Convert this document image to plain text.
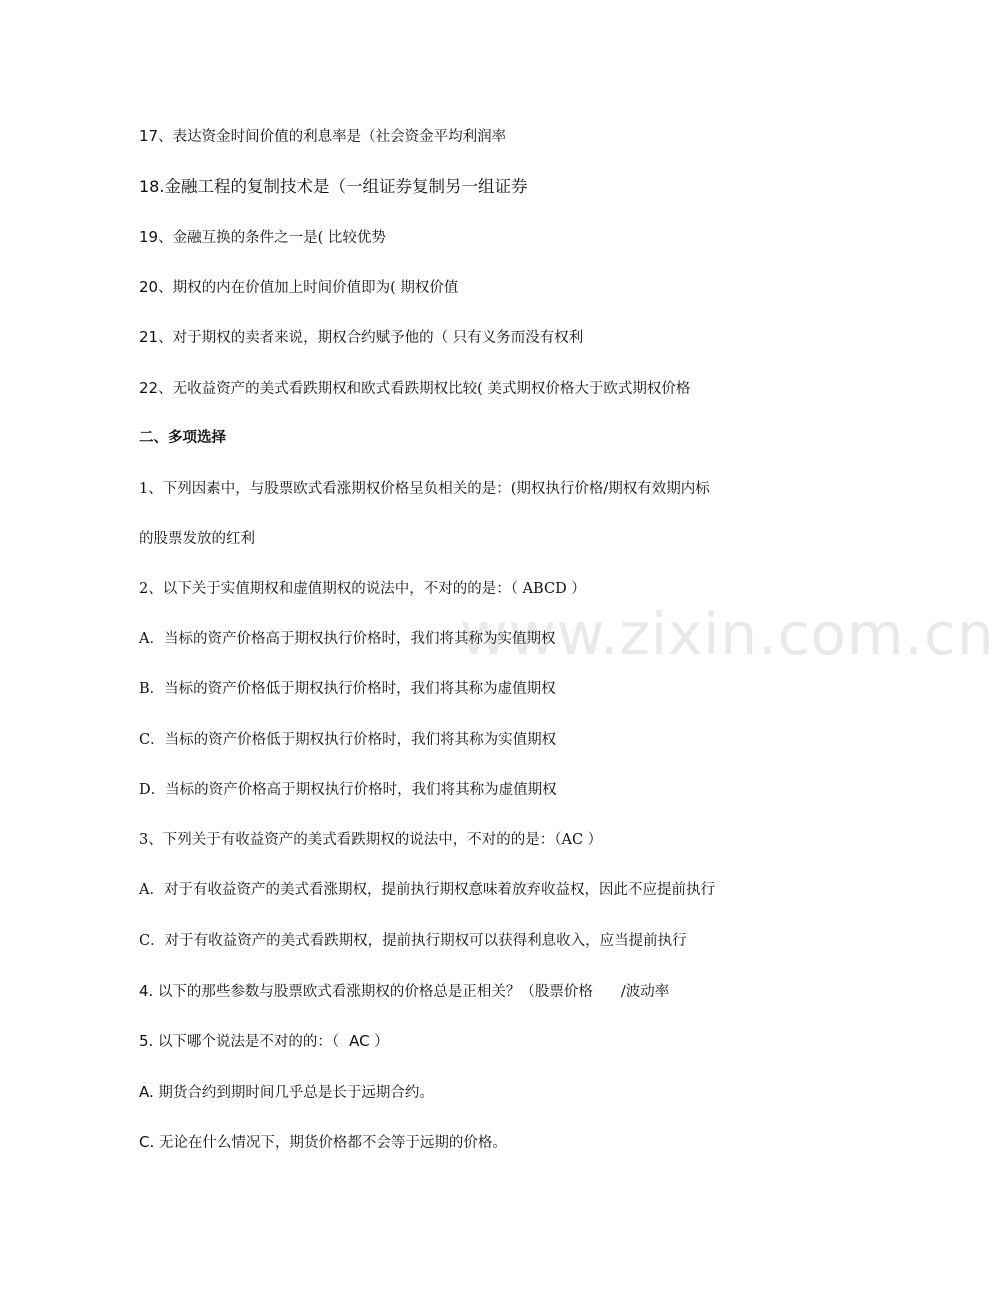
www.zixin.com.cn
17、表达资金时间价值的利息率是（社会资金平均利润率
18.金融工程的复制技术是（一组证券复制另一组证券
19、金融互换的条件之一是( 比较优势
20、期权的内在价值加上时间价值即为( 期权价值
21、对于期权的卖者来说，期权合约赋予他的（ 只有义务而没有权利
22、无收益资产的美式看跌期权和欧式看跌期权比较( 美式期权价格大于欧式期权价格
二、多项选择
1、下列因素中，与股票欧式看涨期权价格呈负相关的是：(期权执行价格/期权有效期内标
的股票发放的红利
2、以下关于实值期权和虚值期权的说法中，不对的的是：（ ABCD ）
A．当标的资产价格高于期权执行价格时，我们将其称为实值期权
B．当标的资产价格低于期权执行价格时，我们将其称为虚值期权
C．当标的资产价格低于期权执行价格时，我们将其称为实值期权
D．当标的资产价格高于期权执行价格时，我们将其称为虚值期权
3、下列关于有收益资产的美式看跌期权的说法中，不对的的是：（AC ）
A．对于有收益资产的美式看涨期权，提前执行期权意味着放弃收益权，因此不应提前执行
C．对于有收益资产的美式看跌期权，提前执行期权可以获得利息收入，应当提前执行
4. 以下的那些参数与股票欧式看涨期权的价格总是正相关？（股票价格 /波动率
5. 以下哪个说法是不对的的：（ AC ）
A. 期货合约到期时间几乎总是长于远期合约。
C. 无论在什么情况下，期货价格都不会等于远期的价格。
